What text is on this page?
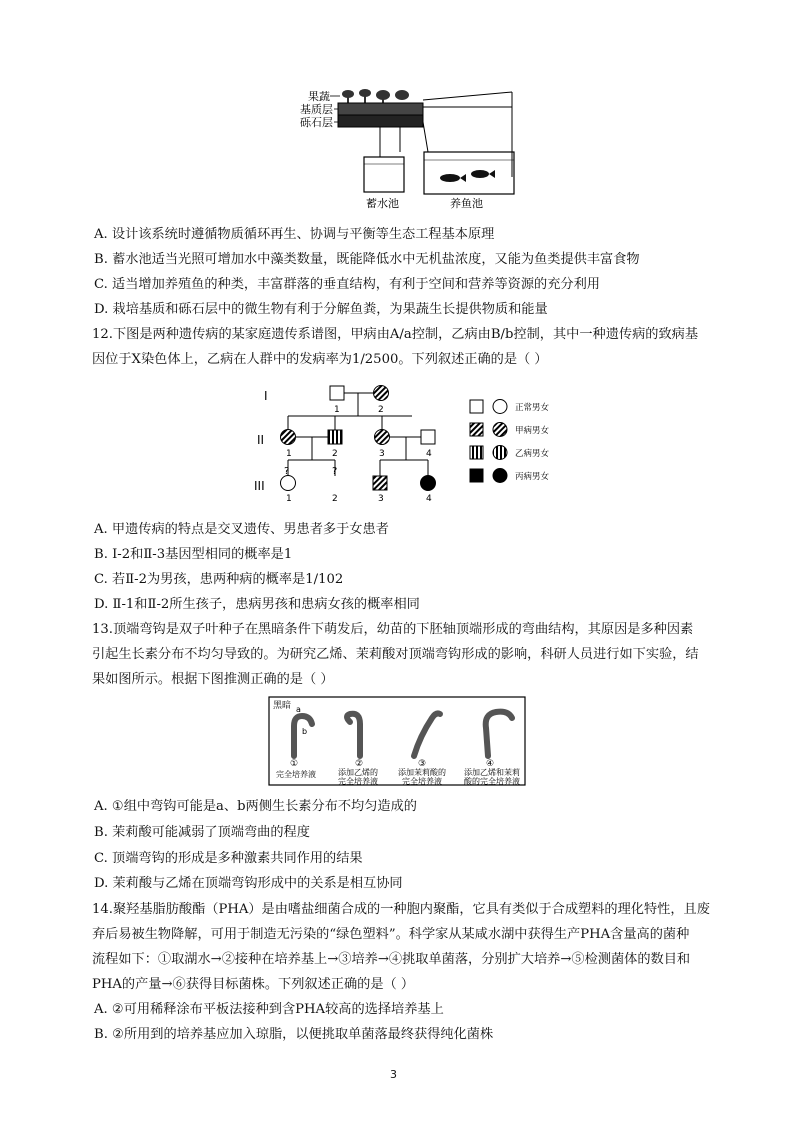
果蔬
基质层
砾石层
蓄水池	养鱼池
A. 设计该系统时遵循物质循环再生、协调与平衡等生态工程基本原理
B. 蓄水池适当光照可增加水中藻类数量，既能降低水中无机盐浓度，又能为鱼类提供丰富食物
C. 适当增加养殖鱼的种类，丰富群落的垂直结构，有利于空间和营养等资源的充分利用
D. 栽培基质和砾石层中的微生物有利于分解鱼粪，为果蔬生长提供物质和能量
12.下图是两种遗传病的某家庭遗传系谱图，甲病由A/a控制，乙病由B/b控制，其中一种遗传病的致病基
因位于X染色体上，乙病在人群中的发病率为1/2500。下列叙述正确的是（ ）
I
II
III
1	2
1	2	3	4
?	?
1	2	3	4
正常男女
甲病男女
乙病男女
丙病男女
A. 甲遗传病的特点是交叉遗传、男患者多于女患者
B. Ⅰ-2和Ⅱ-3基因型相同的概率是1
C. 若Ⅱ-2为男孩，患两种病的概率是1/102
D. Ⅱ-1和Ⅱ-2所生孩子，患病男孩和患病女孩的概率相同
13.顶端弯钩是双子叶种子在黑暗条件下萌发后，幼苗的下胚轴顶端形成的弯曲结构，其原因是多种因素
引起生长素分布不均匀导致的。为研究乙烯、茉莉酸对顶端弯钩形成的影响，科研人员进行如下实验，结
果如图所示。根据下图推测正确的是（ ）
黑暗 a
b
①
完全培养液
②
添加乙烯的
完全培养液
③
添加茉莉酸的
完全培养液
④
添加乙烯和茉莉
酸的完全培养液
A. ①组中弯钩可能是a、b两侧生长素分布不均匀造成的
B. 茉莉酸可能减弱了顶端弯曲的程度
C. 顶端弯钩的形成是多种激素共同作用的结果
D. 茉莉酸与乙烯在顶端弯钩形成中的关系是相互协同
14.聚羟基脂肪酸酯（PHA）是由嗜盐细菌合成的一种胞内聚酯，它具有类似于合成塑料的理化特性，且废
弃后易被生物降解，可用于制造无污染的“绿色塑料”。科学家从某咸水湖中获得生产PHA含量高的菌种
流程如下：①取湖水→②接种在培养基上→③培养→④挑取单菌落，分别扩大培养→⑤检测菌体的数目和
PHA的产量→⑥获得目标菌株。下列叙述正确的是（ ）
A. ②可用稀释涂布平板法接种到含PHA较高的选择培养基上
B. ②所用到的培养基应加入琼脂，以便挑取单菌落最终获得纯化菌株
3
